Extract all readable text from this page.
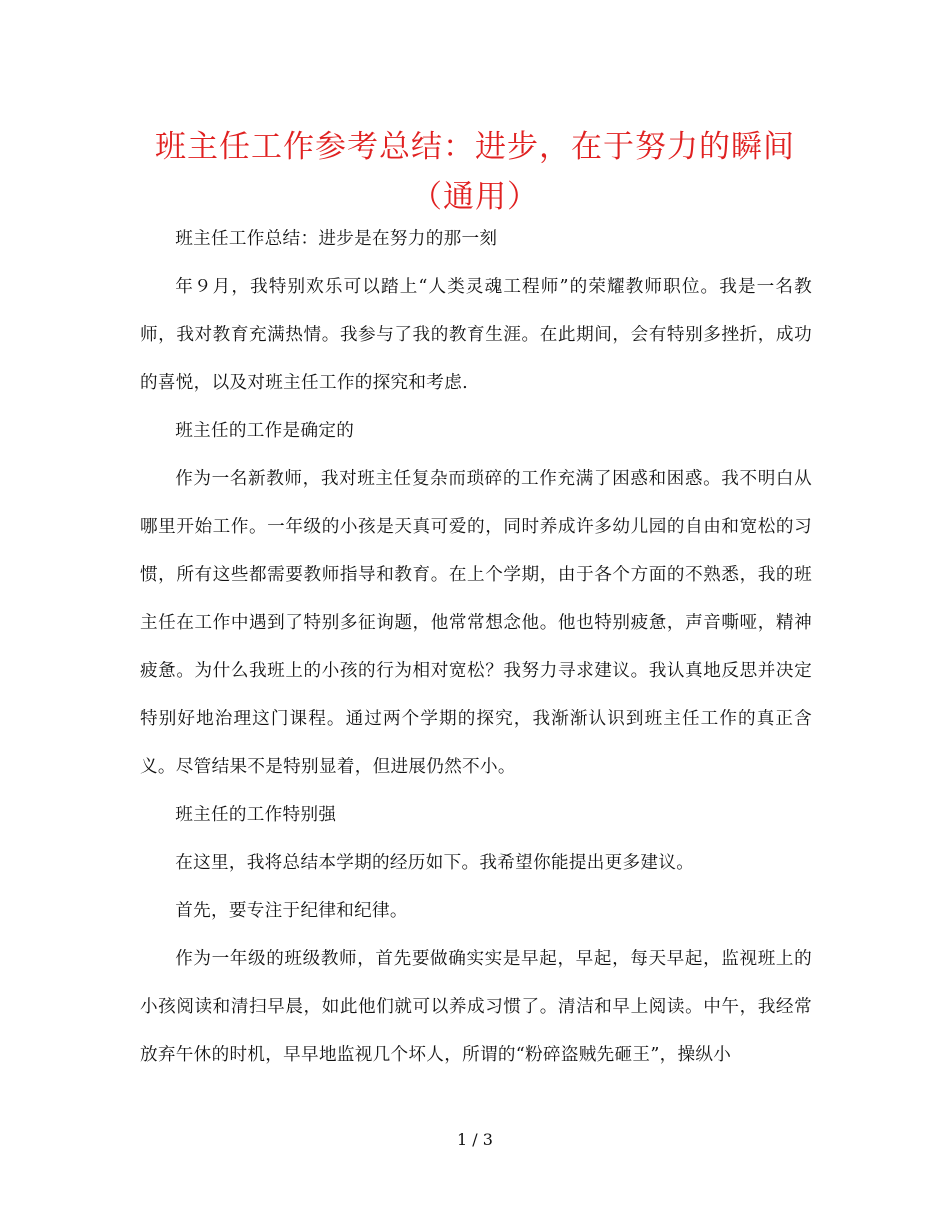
班主任工作参考总结：进步，在于努力的瞬间
（通用）

班主任工作总结：进步是在努力的那一刻

年９月，我特别欢乐可以踏上“人类灵魂工程师”的荣耀教师职位。我是一名教师，我对教育充满热情。我参与了我的教育生涯。在此期间，会有特别多挫折，成功的喜悦，以及对班主任工作的探究和考虑.

班主任的工作是确定的

作为一名新教师，我对班主任复杂而琐碎的工作充满了困惑和困惑。我不明白从哪里开始工作。一年级的小孩是天真可爱的，同时养成许多幼儿园的自由和宽松的习惯，所有这些都需要教师指导和教育。在上个学期，由于各个方面的不熟悉，我的班主任在工作中遇到了特别多征询题，他常常想念他。他也特别疲惫，声音嘶哑，精神疲惫。为什么我班上的小孩的行为相对宽松？我努力寻求建议。我认真地反思并决定特别好地治理这门课程。通过两个学期的探究，我渐渐认识到班主任工作的真正含义。尽管结果不是特别显着，但进展仍然不小。

班主任的工作特别强

在这里，我将总结本学期的经历如下。我希望你能提出更多建议。

首先，要专注于纪律和纪律。

作为一年级的班级教师，首先要做确实实是早起，早起，每天早起，监视班上的小孩阅读和清扫早晨，如此他们就可以养成习惯了。清洁和早上阅读。中午，我经常放弃午休的时机，早早地监视几个坏人，所谓的“粉碎盗贼先砸王”，操纵小

1 / 3
